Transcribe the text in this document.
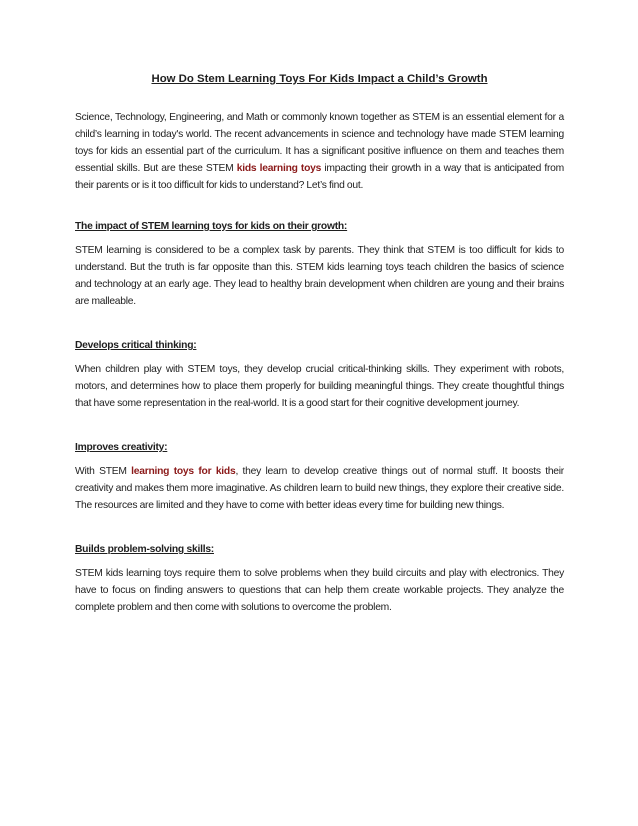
How Do Stem Learning Toys For Kids Impact a Child’s Growth

Science, Technology, Engineering, and Math or commonly known together as STEM is an essential element for a child’s learning in today's world. The recent advancements in science and technology have made STEM learning toys for kids an essential part of the curriculum. It has a significant positive influence on them and teaches them essential skills. But are these STEM kids learning toys impacting their growth in a way that is anticipated from their parents or is it too difficult for kids to understand? Let’s find out.

The impact of STEM learning toys for kids on their growth:

STEM learning is considered to be a complex task by parents. They think that STEM is too difficult for kids to understand. But the truth is far opposite than this. STEM kids learning toys teach children the basics of science and technology at an early age. They lead to healthy brain development when children are young and their brains are malleable.

Develops critical thinking:

When children play with STEM toys, they develop crucial critical-thinking skills. They experiment with robots, motors, and determines how to place them properly for building meaningful things. They create thoughtful things that have some representation in the real-world. It is a good start for their cognitive development journey.

Improves creativity:

With STEM learning toys for kids, they learn to develop creative things out of normal stuff. It boosts their creativity and makes them more imaginative. As children learn to build new things, they explore their creative side. The resources are limited and they have to come with better ideas every time for building new things.

Builds problem-solving skills:

STEM kids learning toys require them to solve problems when they build circuits and play with electronics. They have to focus on finding answers to questions that can help them create workable projects. They analyze the complete problem and then come with solutions to overcome the problem.
